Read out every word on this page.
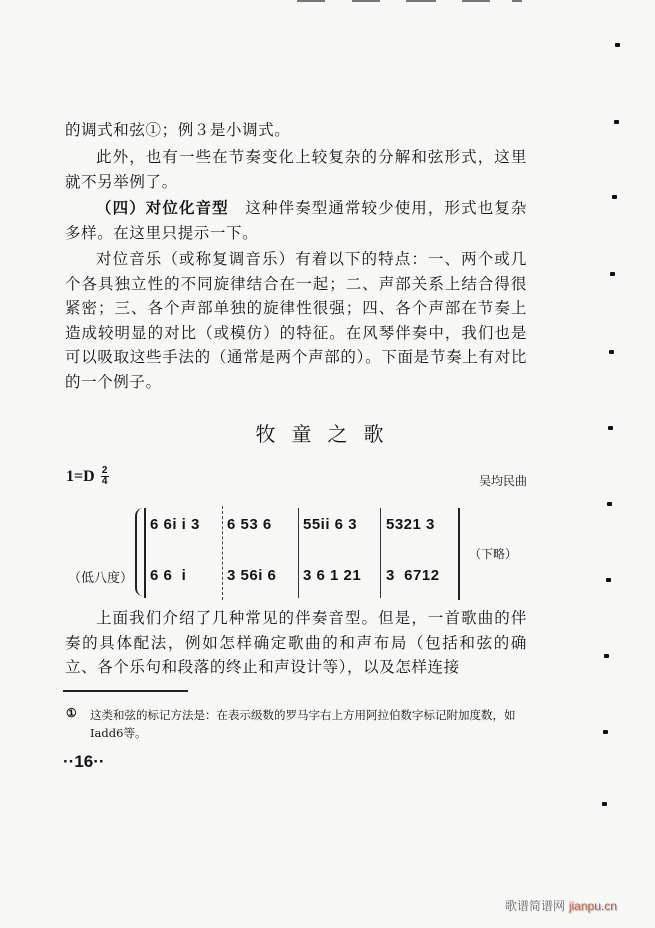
的调式和弦①；例３是小调式。

此外，也有一些在节奏变化上较复杂的分解和弦形式，这里就不另举例了。

（四）对位化音型　这种伴奏型通常较少使用，形式也复杂多样。在这里只提示一下。

对位音乐（或称复调音乐）有着以下的特点：一、两个或几个各具独立性的不同旋律结合在一起；二、声部关系上结合得很紧密；三、各个声部单独的旋律性很强；四、各个声部在节奏上造成较明显的对比（或模仿）的特征。在风琴伴奏中，我们也是可以吸取这些手法的（通常是两个声部的）。下面是节奏上有对比的一个例子。

牧童之歌
$1=D \frac{2}{4}$	吴均民曲
6 6i i 3 6 53 6 55ii 6 3 5321 3
（低八度） 6 6  i	3 56i 6 3 6 1 21 3  6712
（下略）

上面我们介绍了几种常见的伴奏音型。但是，一首歌曲的伴奏的具体配法，例如怎样确定歌曲的和声布局（包括和弦的确立、各个乐句和段落的终止和声设计等），以及怎样连接

① 这类和弦的标记方法是：在表示级数的罗马字右上方用阿拉伯数字标记附加度数，如Ⅰadd6等。
··16··
歌谱简谱网 jianpu.cn
